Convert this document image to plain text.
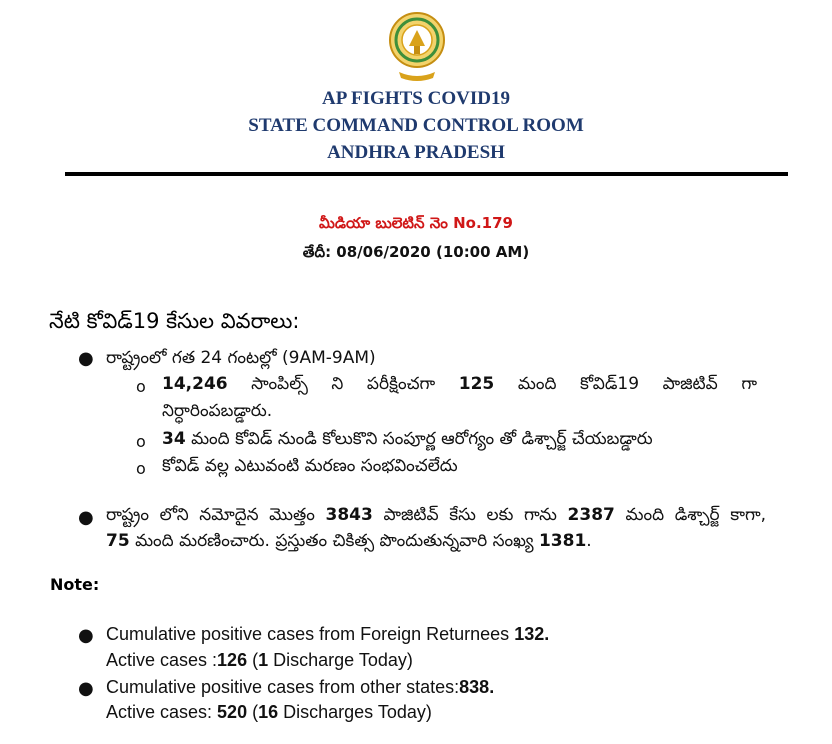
AP FIGHTS COVID19
STATE COMMAND CONTROL ROOM
ANDHRA PRADESH
మీడియా బులెటిన్ నెం No.179
తేదీ: 08/06/2020 (10:00 AM)
నేటి కోవిడ్19 కేసుల వివరాలు:
● రాష్ట్రంలో గత 24 గంటల్లో (9AM-9AM)
o 14,246 సాంపిల్స్ ని పరీక్షించగా 125 మంది కోవిడ్19 పాజిటివ్ గా
నిర్ధారింపబడ్డారు.
o 34 మంది కోవిడ్ నుండి కోలుకొని సంపూర్ణ ఆరోగ్యం తో డిశ్చార్జ్ చేయబడ్డారు
o కోవిడ్ వల్ల ఎటువంటి మరణం సంభవించలేదు
● రాష్ట్రం లోని నమోదైన మొత్తం 3843 పాజిటివ్ కేసు లకు గాను 2387 మంది డిశ్చార్జ్ కాగా,
75 మంది మరణించారు. ప్రస్తుతం చికిత్స పొందుతున్నవారి సంఖ్య 1381.
Note:
● Cumulative positive cases from Foreign Returnees 132.
Active cases :126 (1 Discharge Today)
● Cumulative positive cases from other states:838.
Active cases: 520 (16 Discharges Today)
